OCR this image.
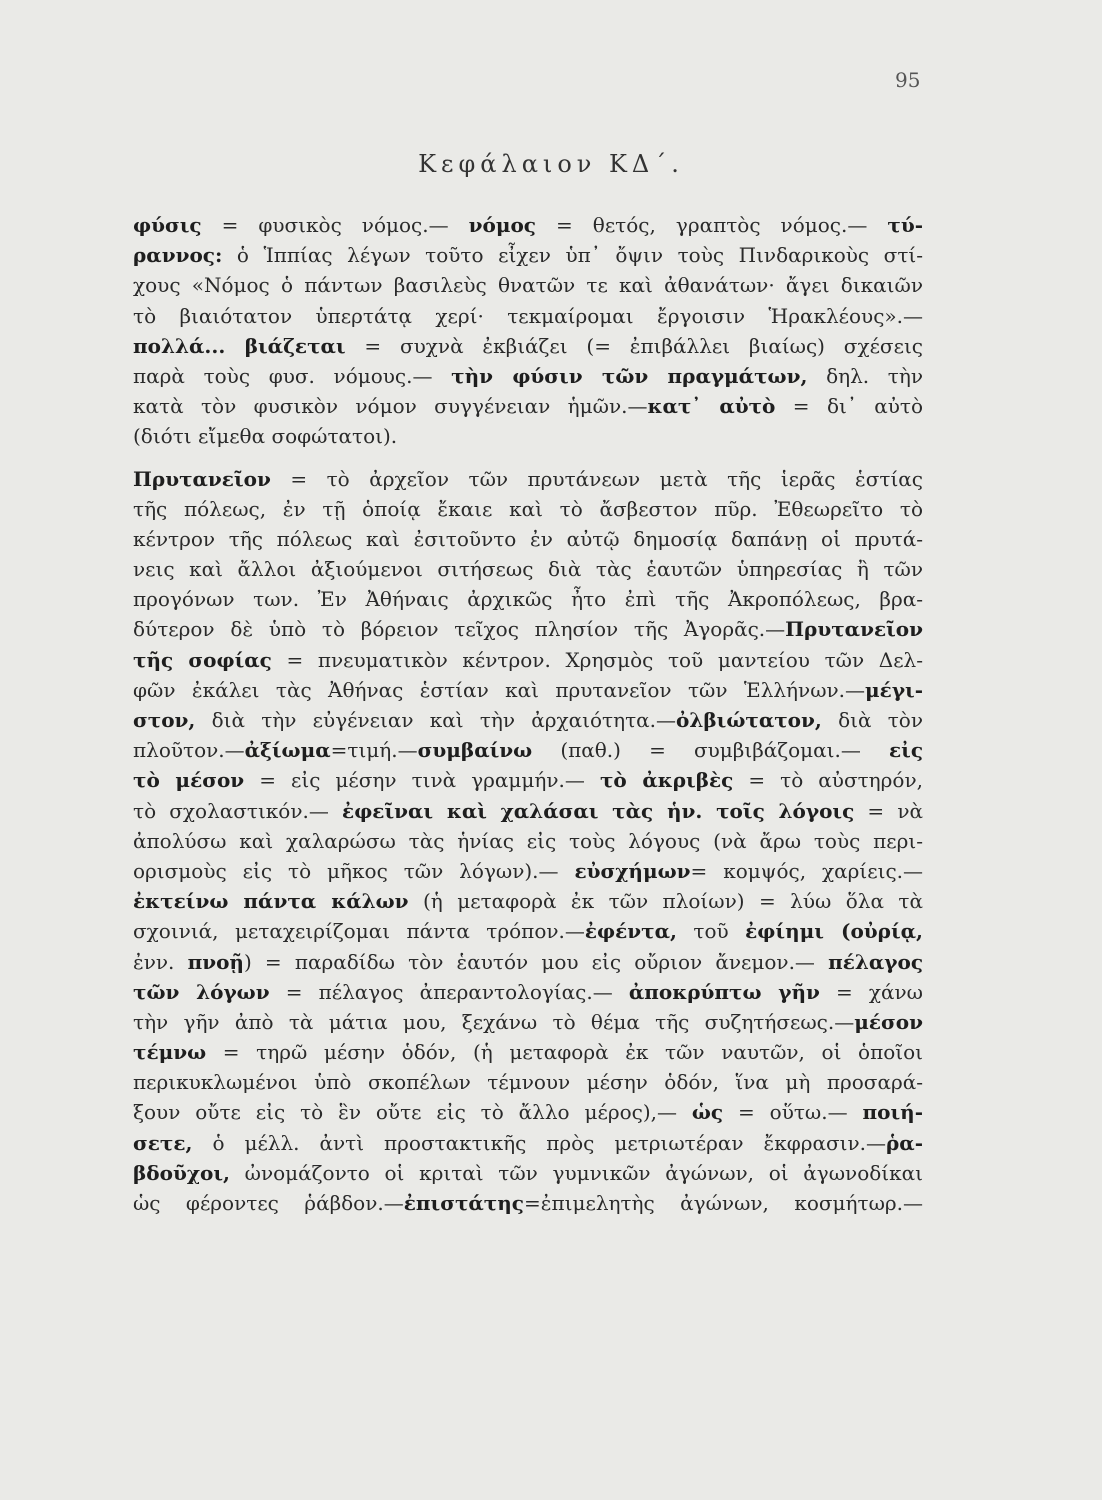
95
Κεφάλαιον ΚΔ΄.
φύσις = φυσικὸς νόμος.— νόμος = θετός, γραπτὸς νόμος.— τύ-
ραννος: ὁ Ἱππίας λέγων τοῦτο εἶχεν ὑπ᾽ ὄψιν τοὺς Πινδαρικοὺς στί-
χους «Νόμος ὁ πάντων βασιλεὺς θνατῶν τε καὶ ἀθανάτων· ἄγει δικαιῶν
τὸ βιαιότατον ὑπερτάτᾳ χερί· τεκμαίρομαι ἔργοισιν Ἡρακλέους».—
πολλά... βιάζεται = συχνὰ ἐκβιάζει (= ἐπιβάλλει βιαίως) σχέσεις
παρὰ τοὺς φυσ. νόμους.— τὴν φύσιν τῶν πραγμάτων, δηλ. τὴν
κατὰ τὸν φυσικὸν νόμον συγγένειαν ἡμῶν.—κατ᾽ αὐτὸ = δι᾽ αὐτὸ
(διότι εἴμεθα σοφώτατοι).
Πρυτανεῖον = τὸ ἀρχεῖον τῶν πρυτάνεων μετὰ τῆς ἱερᾶς ἑστίας
τῆς πόλεως, ἐν τῇ ὁποίᾳ ἔκαιε καὶ τὸ ἄσβεστον πῦρ. Ἐθεωρεῖτο τὸ
κέντρον τῆς πόλεως καὶ ἐσιτοῦντο ἐν αὐτῷ δημοσίᾳ δαπάνῃ οἱ πρυτά-
νεις καὶ ἄλλοι ἀξιούμενοι σιτήσεως διὰ τὰς ἑαυτῶν ὑπηρεσίας ἢ τῶν
προγόνων των. Ἐν Ἀθήναις ἀρχικῶς ἦτο ἐπὶ τῆς Ἀκροπόλεως, βρα-
δύτερον δὲ ὑπὸ τὸ βόρειον τεῖχος πλησίον τῆς Ἀγορᾶς.—Πρυτανεῖον
τῆς σοφίας = πνευματικὸν κέντρον. Χρησμὸς τοῦ μαντείου τῶν Δελ-
φῶν ἐκάλει τὰς Ἀθήνας ἑστίαν καὶ πρυτανεῖον τῶν Ἑλλήνων.—μέγι-
στον, διὰ τὴν εὐγένειαν καὶ τὴν ἀρχαιότητα.—ὀλβιώτατον, διὰ τὸν
πλοῦτον.—ἀξίωμα=τιμή.—συμβαίνω (παθ.) = συμβιβάζομαι.— εἰς
τὸ μέσον = εἰς μέσην τινὰ γραμμήν.— τὸ ἀκριβὲς = τὸ αὐστηρόν,
τὸ σχολαστικόν.— ἐφεῖναι καὶ χαλάσαι τὰς ἡν. τοῖς λόγοις = νὰ
ἀπολύσω καὶ χαλαρώσω τὰς ἡνίας εἰς τοὺς λόγους (νὰ ἄρω τοὺς περι-
ορισμοὺς εἰς τὸ μῆκος τῶν λόγων).— εὐσχήμων= κομψός, χαρίεις.—
ἐκτείνω πάντα κάλων (ἡ μεταφορὰ ἐκ τῶν πλοίων) = λύω ὅλα τὰ
σχοινιά, μεταχειρίζομαι πάντα τρόπον.—ἐφέντα, τοῦ ἐφίημι (οὐρίᾳ,
ἐνν. πνοῇ) = παραδίδω τὸν ἑαυτόν μου εἰς οὔριον ἄνεμον.— πέλαγος
τῶν λόγων = πέλαγος ἀπεραντολογίας.— ἀποκρύπτω γῆν = χάνω
τὴν γῆν ἀπὸ τὰ μάτια μου, ξεχάνω τὸ θέμα τῆς συζητήσεως.—μέσον
τέμνω = τηρῶ μέσην ὁδόν, (ἡ μεταφορὰ ἐκ τῶν ναυτῶν, οἱ ὁποῖοι
περικυκλωμένοι ὑπὸ σκοπέλων τέμνουν μέσην ὁδόν, ἵνα μὴ προσαρά-
ξουν οὔτε εἰς τὸ ἓν οὔτε εἰς τὸ ἄλλο μέρος),— ὡς = οὕτω.— ποιή-
σετε, ὁ μέλλ. ἀντὶ προστακτικῆς πρὸς μετριωτέραν ἔκφρασιν.—ῥα-
βδοῦχοι, ὠνομάζοντο οἱ κριταὶ τῶν γυμνικῶν ἀγώνων, οἱ ἀγωνοδίκαι
ὡς φέροντες ῥάβδον.—ἐπιστάτης=ἐπιμελητὴς ἀγώνων, κοσμήτωρ.—
